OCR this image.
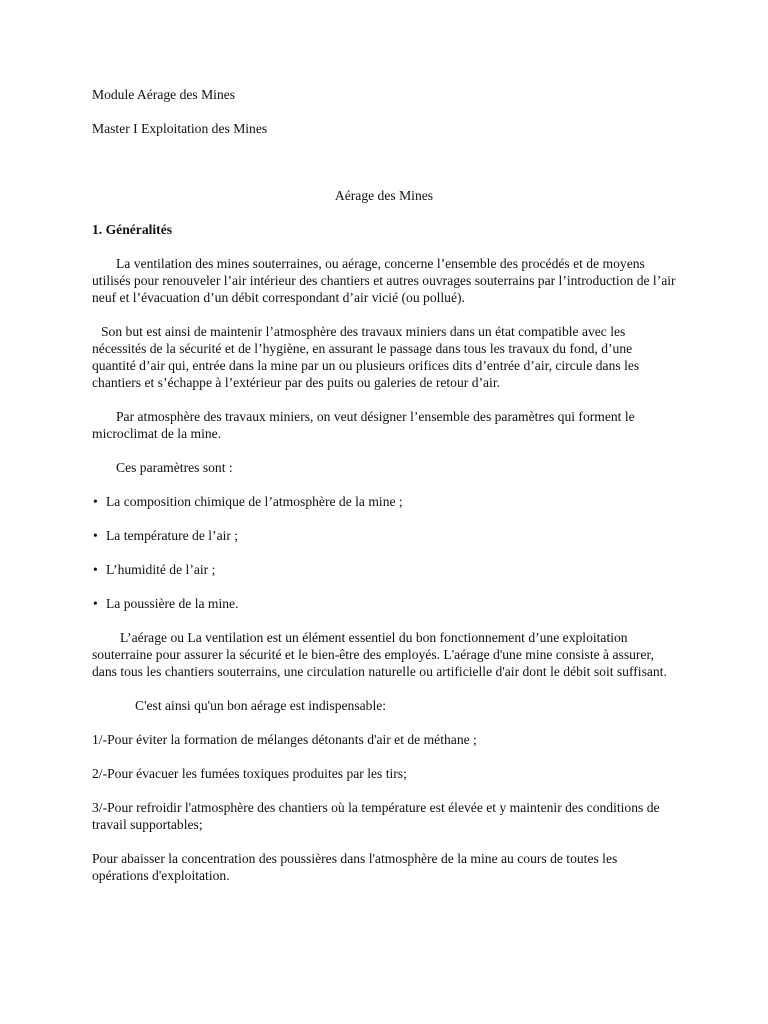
Module Aérage des Mines

Master I Exploitation des Mines

Aérage des Mines

1. Généralités

La ventilation des mines souterraines, ou aérage, concerne l’ensemble des procédés et de moyens utilisés pour renouveler l’air intérieur des chantiers et autres ouvrages souterrains par l’introduction de l’air neuf et l’évacuation d’un débit correspondant d’air vicié (ou pollué).

Son but est ainsi de maintenir l’atmosphère des travaux miniers dans un état compatible avec les nécessités de la sécurité et de l’hygiène, en assurant le passage dans tous les travaux du fond, d’une quantité d’air qui, entrée dans la mine par un ou plusieurs orifices dits d’entrée d’air, circule dans les chantiers et s’échappe à l’extérieur par des puits ou galeries de retour d’air.

Par atmosphère des travaux miniers, on veut désigner l’ensemble des paramètres qui forment le microclimat de la mine.

Ces paramètres sont :

• La composition chimique de l’atmosphère de la mine ;
• La température de l’air ;
• L’humidité de l’air ;
• La poussière de la mine.

L’aérage ou La ventilation est un élément essentiel du bon fonctionnement d’une exploitation souterraine pour assurer la sécurité et le bien-être des employés. L'aérage d'une mine consiste à assurer, dans tous les chantiers souterrains, une circulation naturelle ou artificielle d'air dont le débit soit suffisant.

C'est ainsi qu'un bon aérage est indispensable:

1/-Pour éviter la formation de mélanges détonants d'air et de méthane ;

2/-Pour évacuer les fumées toxiques produites par les tirs;

3/-Pour refroidir l'atmosphère des chantiers où la température est élevée et y maintenir des conditions de travail supportables;

Pour abaisser la concentration des poussières dans l'atmosphère de la mine au cours de toutes les opérations d'exploitation.
